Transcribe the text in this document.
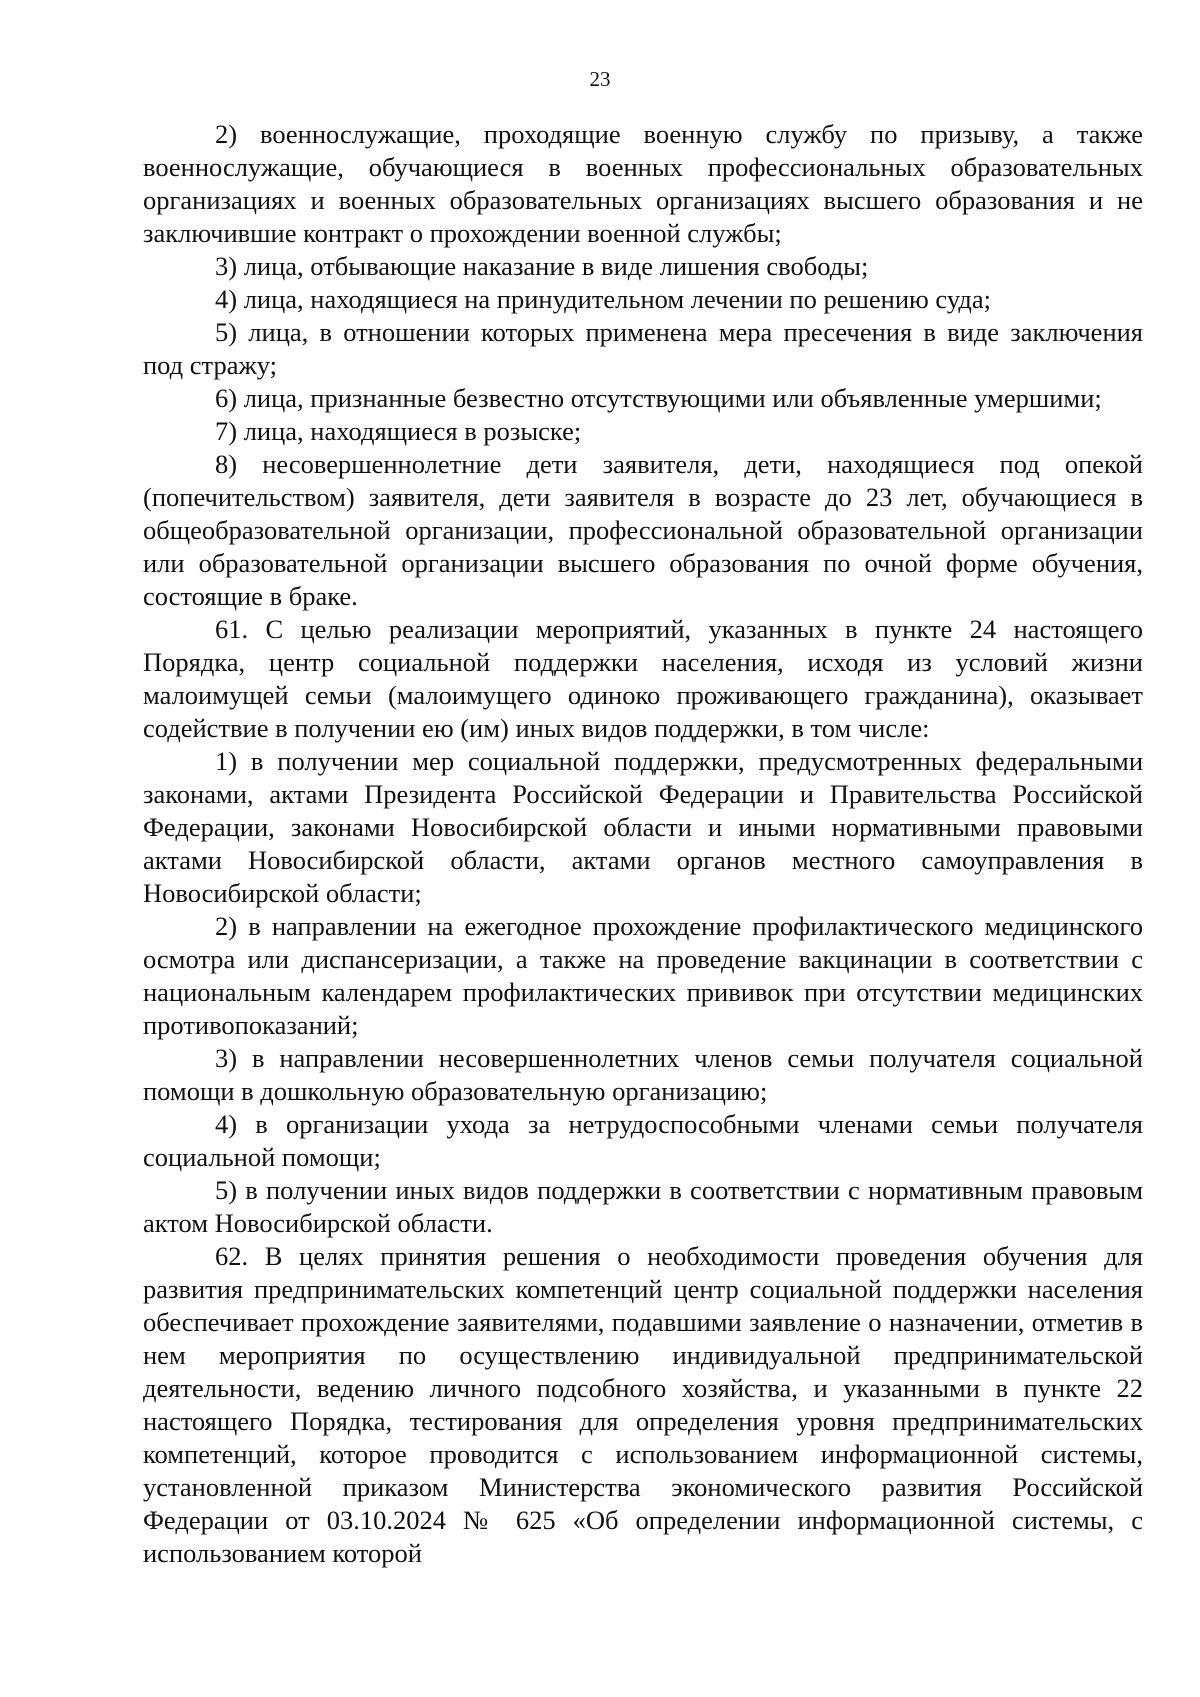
23

2) военнослужащие, проходящие военную службу по призыву, а также военнослужащие, обучающиеся в военных профессиональных образовательных организациях и военных образовательных организациях высшего образования и не заключившие контракт о прохождении военной службы;

3) лица, отбывающие наказание в виде лишения свободы;

4) лица, находящиеся на принудительном лечении по решению суда;

5) лица, в отношении которых применена мера пресечения в виде заключения под стражу;

6) лица, признанные безвестно отсутствующими или объявленные умершими;

7) лица, находящиеся в розыске;

8) несовершеннолетние дети заявителя, дети, находящиеся под опекой (попечительством) заявителя, дети заявителя в возрасте до 23 лет, обучающиеся в общеобразовательной организации, профессиональной образовательной организации или образовательной организации высшего образования по очной форме обучения, состоящие в браке.

61. С целью реализации мероприятий, указанных в пункте 24 настоящего Порядка, центр социальной поддержки населения, исходя из условий жизни малоимущей семьи (малоимущего одиноко проживающего гражданина), оказывает содействие в получении ею (им) иных видов поддержки, в том числе:

1) в получении мер социальной поддержки, предусмотренных федеральными законами, актами Президента Российской Федерации и Правительства Российской Федерации, законами Новосибирской области и иными нормативными правовыми актами Новосибирской области, актами органов местного самоуправления в Новосибирской области;

2) в направлении на ежегодное прохождение профилактического медицинского осмотра или диспансеризации, а также на проведение вакцинации в соответствии с национальным календарем профилактических прививок при отсутствии медицинских противопоказаний;

3) в направлении несовершеннолетних членов семьи получателя социальной помощи в дошкольную образовательную организацию;

4) в организации ухода за нетрудоспособными членами семьи получателя социальной помощи;

5) в получении иных видов поддержки в соответствии с нормативным правовым актом Новосибирской области.

62. В целях принятия решения о необходимости проведения обучения для развития предпринимательских компетенций центр социальной поддержки населения обеспечивает прохождение заявителями, подавшими заявление о назначении, отметив в нем мероприятия по осуществлению индивидуальной предпринимательской деятельности, ведению личного подсобного хозяйства, и указанными в пункте 22 настоящего Порядка, тестирования для определения уровня предпринимательских компетенций, которое проводится с использованием информационной системы, установленной приказом Министерства экономического развития Российской Федерации от 03.10.2024 № 625 «Об определении информационной системы, с использованием которой
